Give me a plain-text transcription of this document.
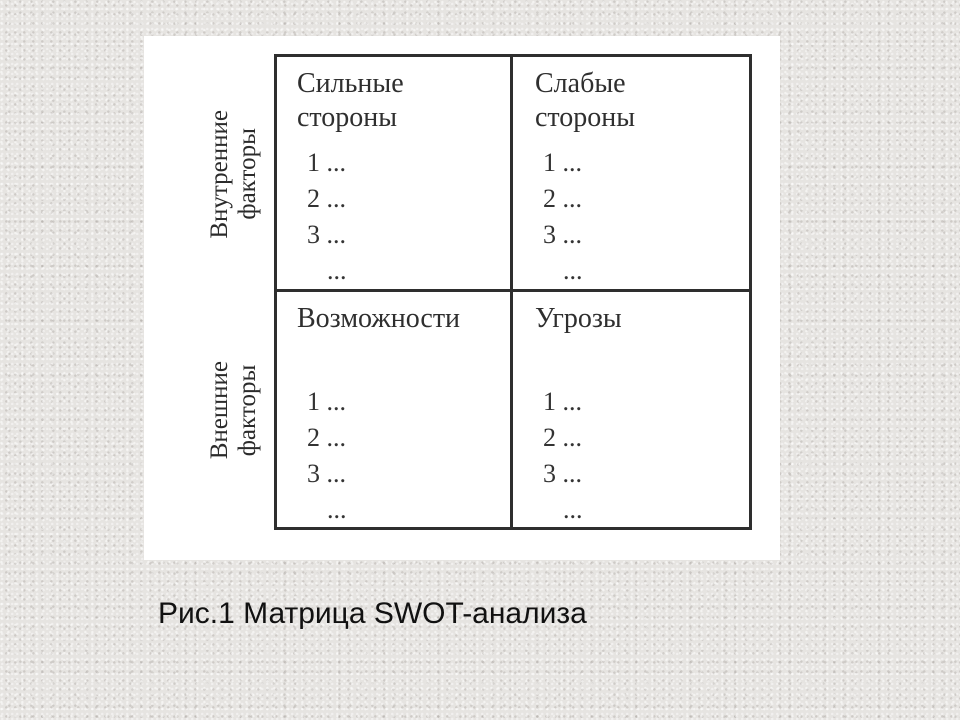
Внутренние
факторы
Внешние
факторы
Сильные
стороны
1 ...
2 ...
3 ...
...
Слабые
стороны
1 ...
2 ...
3 ...
...
Возможности
1 ...
2 ...
3 ...
...
Угрозы
1 ...
2 ...
3 ...
...
Рис.1 Матрица SWOT-анализа
